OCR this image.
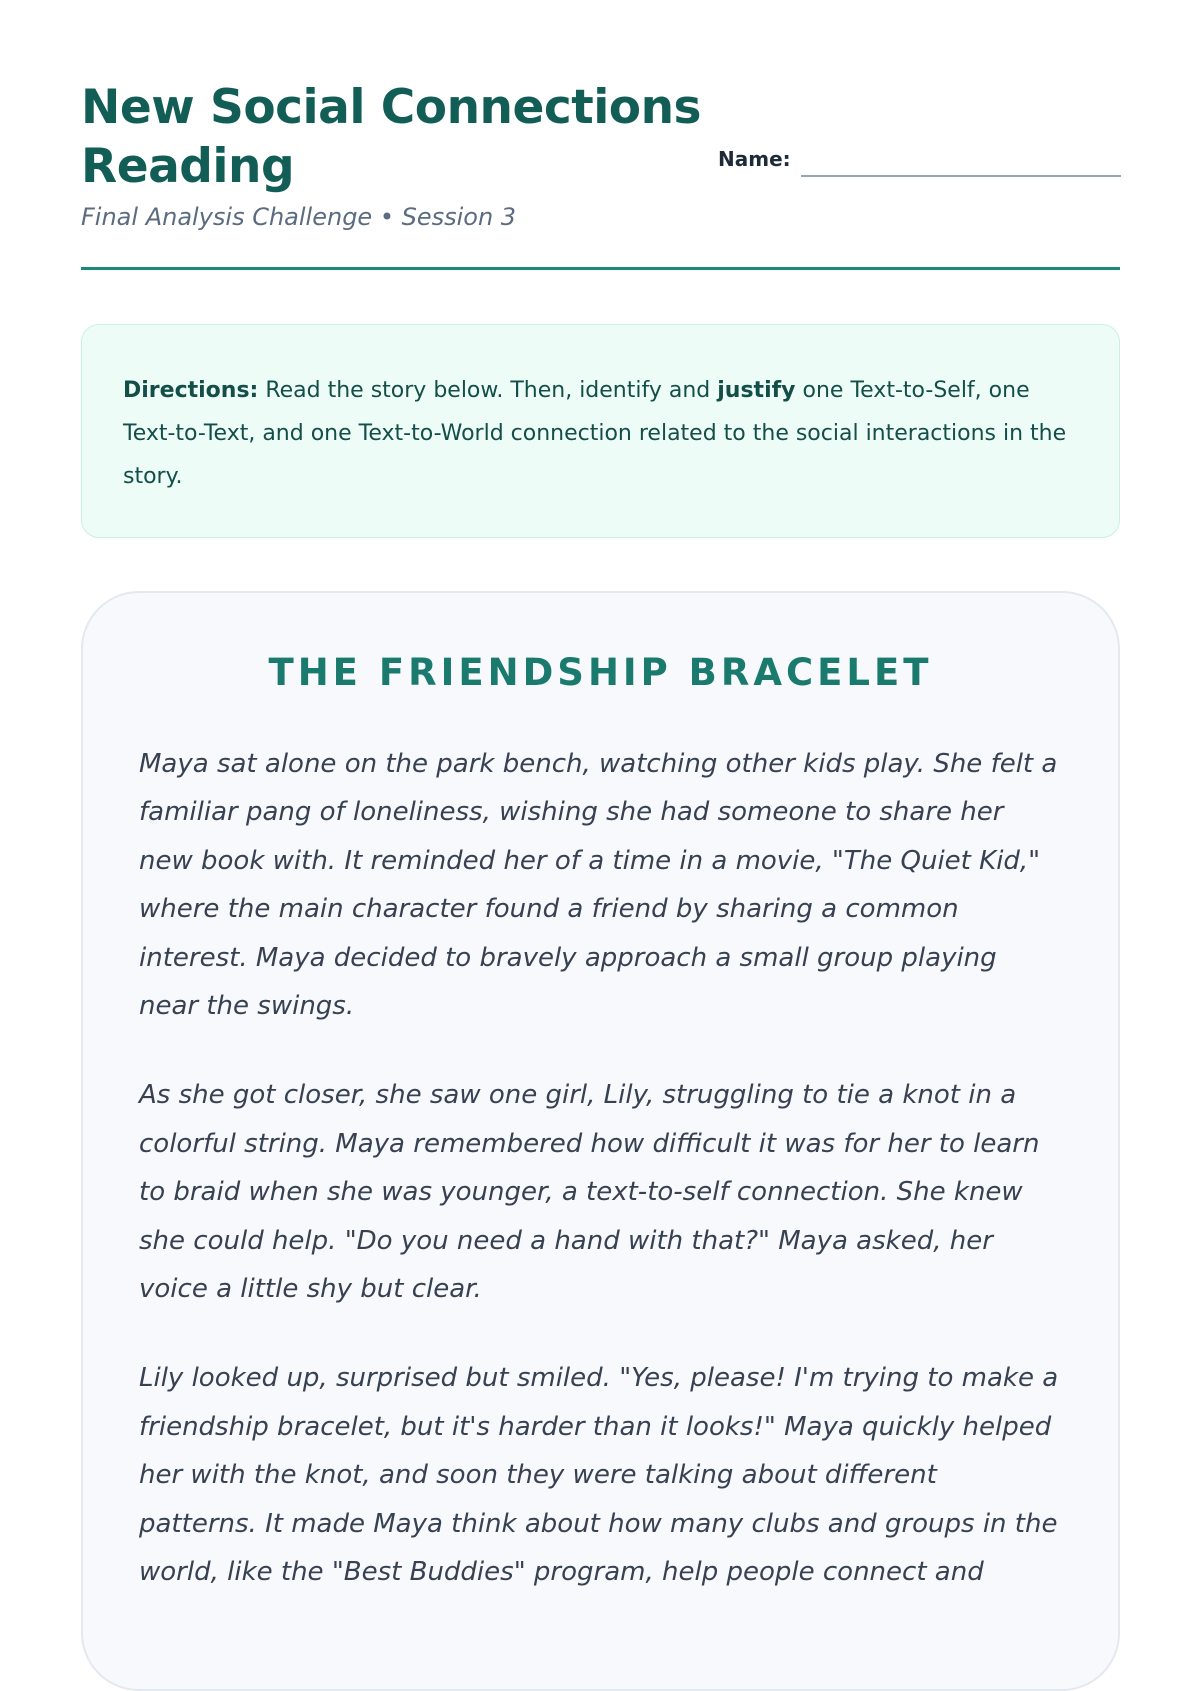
New Social Connections Reading
Final Analysis Challenge • Session 3
Name:
Directions: Read the story below. Then, identify and justify one Text-to-Self, one Text-to-Text, and one Text-to-World connection related to the social interactions in the story.
THE FRIENDSHIP BRACELET

Maya sat alone on the park bench, watching other kids play. She felt a familiar pang of loneliness, wishing she had someone to share her new book with. It reminded her of a time in a movie, "The Quiet Kid," where the main character found a friend by sharing a common interest. Maya decided to bravely approach a small group playing near the swings.

As she got closer, she saw one girl, Lily, struggling to tie a knot in a colorful string. Maya remembered how difficult it was for her to learn to braid when she was younger, a text-to-self connection. She knew she could help. "Do you need a hand with that?" Maya asked, her voice a little shy but clear.

Lily looked up, surprised but smiled. "Yes, please! I'm trying to make a friendship bracelet, but it's harder than it looks!" Maya quickly helped her with the knot, and soon they were talking about different patterns. It made Maya think about how many clubs and groups in the world, like the "Best Buddies" program, help people connect and
